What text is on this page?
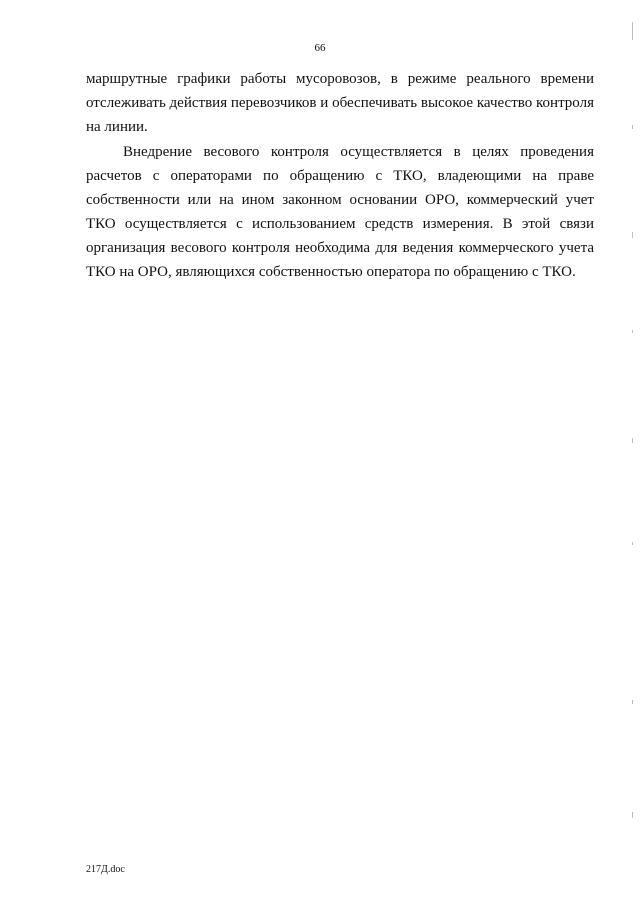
66

маршрутные графики работы мусоровозов, в режиме реального времени отслеживать действия перевозчиков и обеспечивать высокое качество контроля на линии.

Внедрение весового контроля осуществляется в целях проведения расчетов с операторами по обращению с ТКО, владеющими на праве собственности или на ином законном основании ОРО, коммерческий учет ТКО осуществляется с использованием средств измерения. В этой связи организация весового контроля необходима для ведения коммерческого учета ТКО на ОРО, являющихся собственностью оператора по обращению с ТКО.

217Д.doc
